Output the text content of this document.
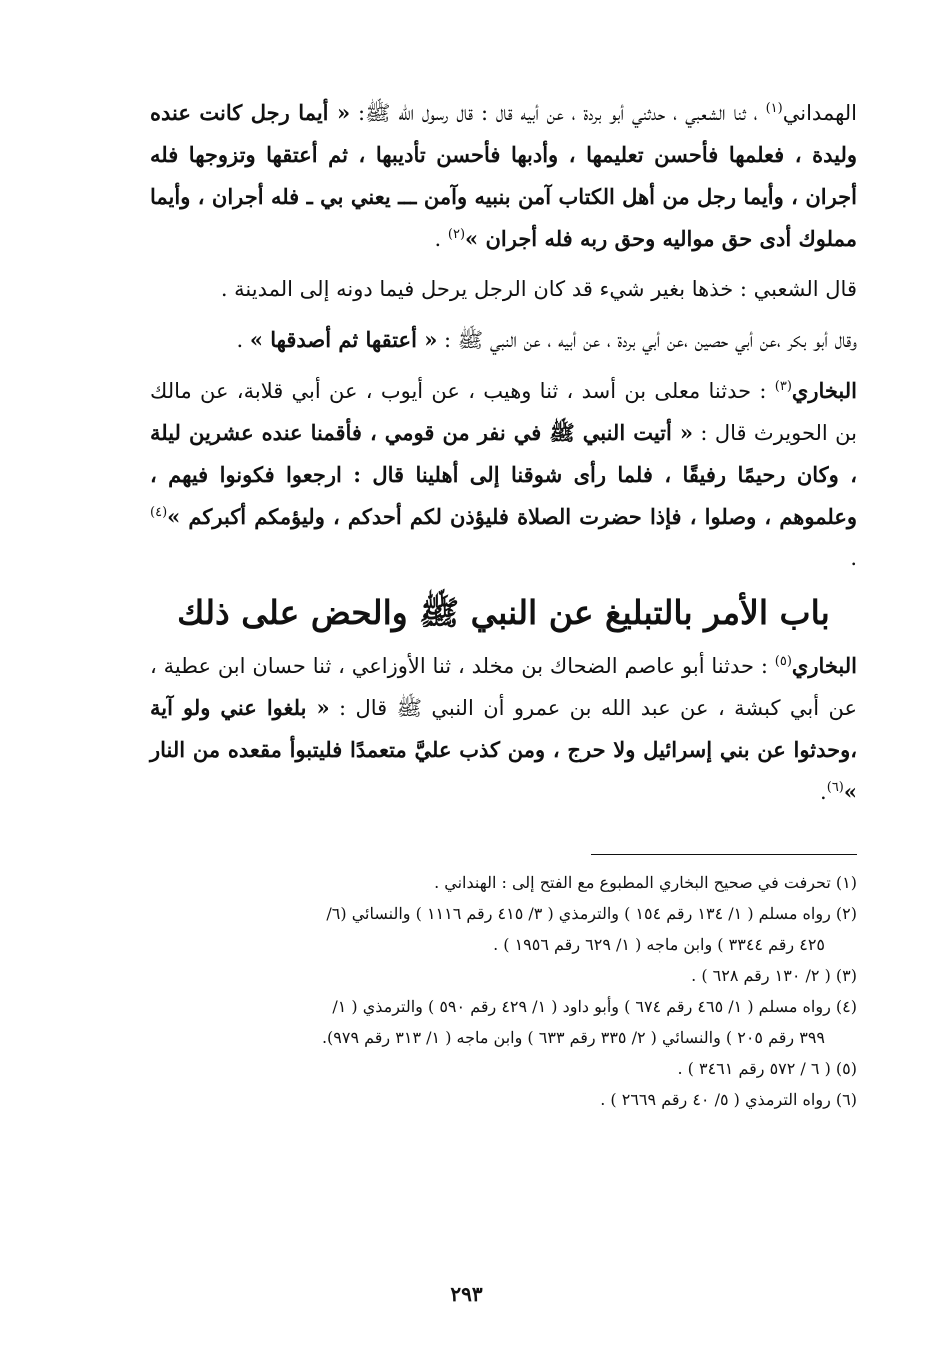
الهمداني$^{(١)}$ ، ثنا الشعبي ، حدثني أبو بردة ، عن أبيه قال : قال رسول الله ﷺ: « أيما رجل كانت عنده وليدة ، فعلمها فأحسن تعليمها ، وأدبها فأحسن تأديبها ، ثم أعتقها وتزوجها فله أجران ، وأيما رجل من أهل الكتاب آمن بنبيه وآمن ـــ يعني بي ـ فله أجران ، وأيما مملوك أدى حق مواليه وحق ربه فله أجران »$^{(٢)}$ .

قال الشعبي : خذها بغير شيء قد كان الرجل يرحل فيما دونه إلى المدينة .

وقال أبو بكر ،عن أبي حصين ،عن أبي بردة ، عن أبيه ، عن النبي ﷺ : « أعتقها ثم أصدقها » .

البخاري$^{(٣)}$ : حدثنا معلى بن أسد ، ثنا وهيب ، عن أيوب ، عن أبي قلابة، عن مالك بن الحويرث قال : « أتيت النبي ﷺ في نفر من قومي ، فأقمنا عنده عشرين ليلة ، وكان رحيمًا رفيقًا ، فلما رأى شوقنا إلى أهلينا قال : ارجعوا فكونوا فيهم ، وعلموهم ، وصلوا ، فإذا حضرت الصلاة فليؤذن لكم أحدكم ، وليؤمكم أكبركم »$^{(٤)}$ .

باب الأمر بالتبليغ عن النبي ﷺ والحض على ذلك

البخاري$^{(٥)}$ : حدثنا أبو عاصم الضحاك بن مخلد ، ثنا الأوزاعي ، ثنا حسان ابن عطية ، عن أبي كبشة ، عن عبد الله بن عمرو أن النبي ﷺ قال : « بلغوا عني ولو آية ،وحدثوا عن بني إسرائيل ولا حرج ، ومن كذب عليَّ متعمدًا فليتبوأ مقعده من النار »$^{(٦)}$.

(١) تحرفت في صحيح البخاري المطبوع مع الفتح إلى : الهنداني .

(٢) رواه مسلم ( ١/ ١٣٤ رقم ١٥٤ ) والترمذي ( ٣/ ٤١٥ رقم ١١١٦ ) والنسائي (٦/
٤٢٥ رقم ٣٣٤٤ ) وابن ماجه ( ١/ ٦٢٩ رقم ١٩٥٦ ) .

(٣) ( ٢/ ١٣٠ رقم ٦٢٨ ) .

(٤) رواه مسلم ( ١/ ٤٦٥ رقم ٦٧٤ ) وأبو داود ( ١/ ٤٢٩ رقم ٥٩٠ ) والترمذي ( ١/
٣٩٩ رقم ٢٠٥ ) والنسائي ( ٢/ ٣٣٥ رقم ٦٣٣ ) وابن ماجه ( ١/ ٣١٣ رقم ٩٧٩).

(٥) ( ٦ / ٥٧٢ رقم ٣٤٦١ ) .

(٦) رواه الترمذي ( ٥/ ٤٠ رقم ٢٦٦٩ ) .

٢٩٣
